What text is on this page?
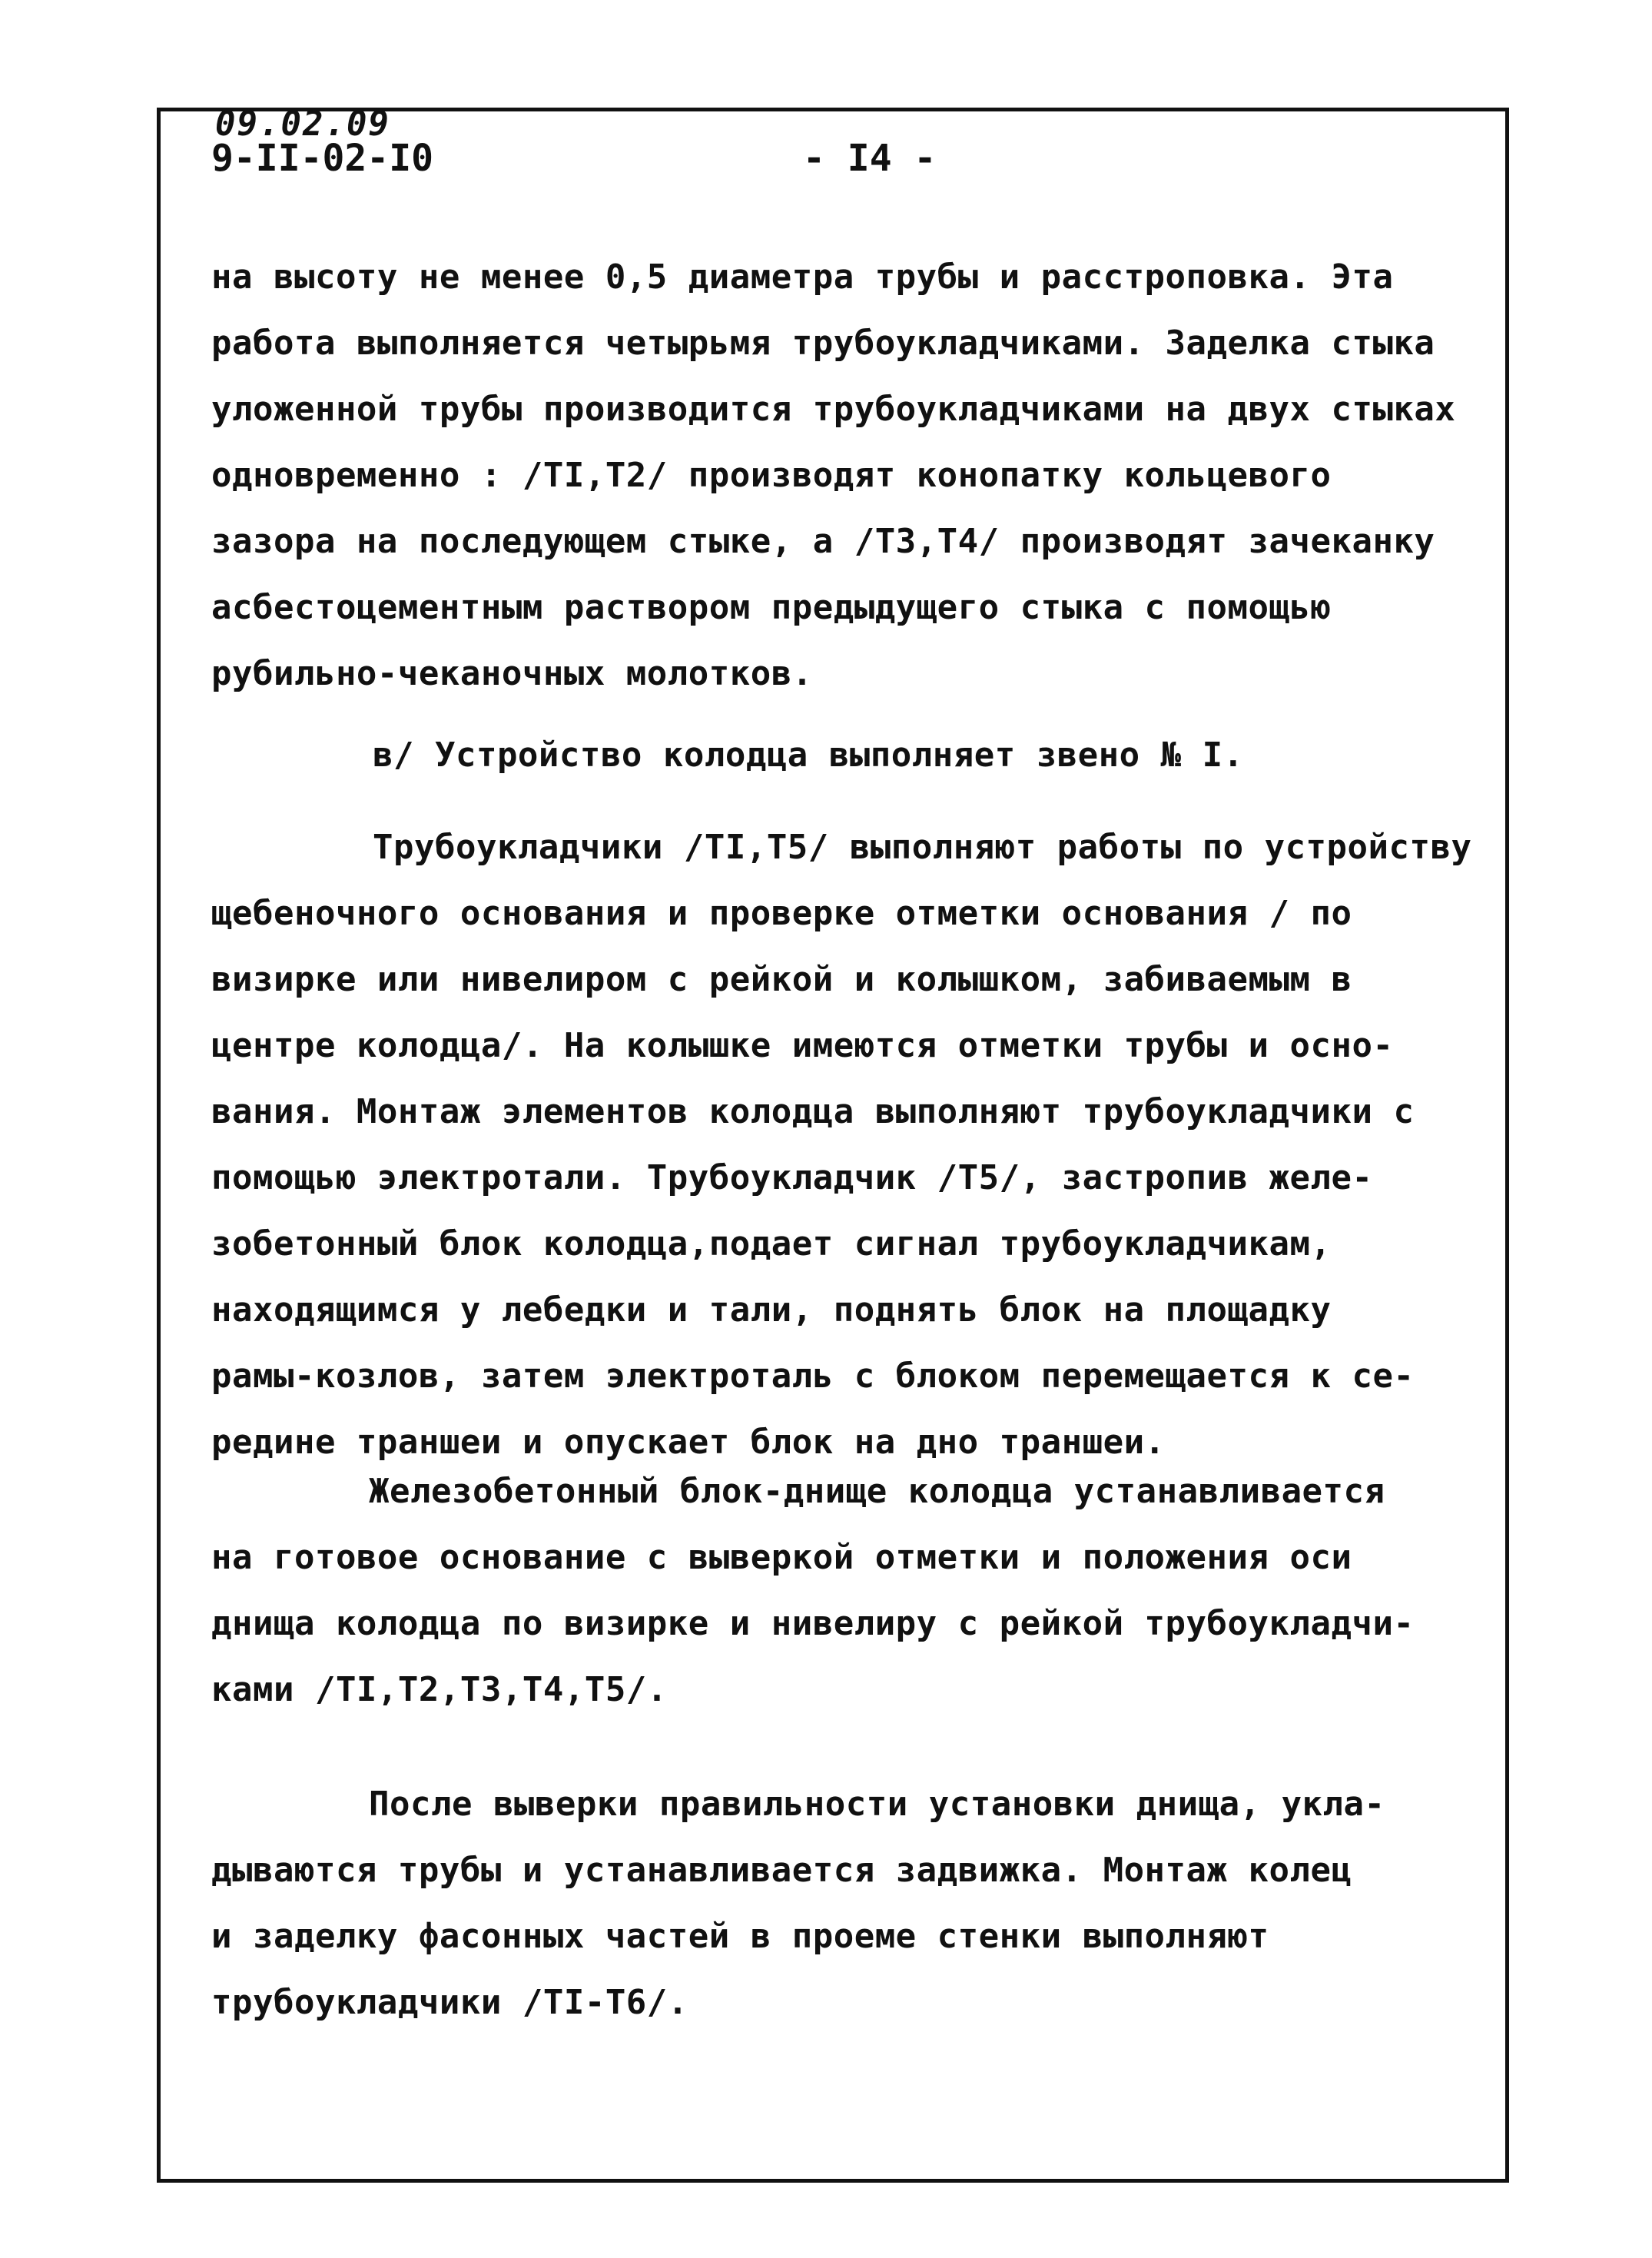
09.02.09
9-II-02-I0	- I4 -
на высоту не менее 0,5 диаметра трубы и расстроповка. Эта
работа выполняется четырьмя трубоукладчиками. Заделка стыка
уложенной трубы производится трубоукладчиками на двух стыках
одновременно : /TI,T2/ производят конопатку кольцевого
зазора на последующем стыке, а /T3,T4/ производят зачеканку
асбестоцементным раствором предыдущего стыка с помощью
рубильно-чеканочных молотков.
в/ Устройство колодца выполняет звено № I.
Трубоукладчики /TI,T5/ выполняют работы по устройству
щебеночного основания и проверке отметки основания / по
визирке или нивелиром с рейкой и колышком, забиваемым в
центре колодца/. На колышке имеются отметки трубы и осно-
вания. Монтаж элементов колодца выполняют трубоукладчики с
помощью электротали. Трубоукладчик /T5/, застропив желе-
зобетонный блок колодца,подает сигнал трубоукладчикам,
находящимся у лебедки и тали, поднять блок на площадку
рамы-козлов, затем электроталь с блоком перемещается к се-
редине траншеи и опускает блок на дно траншеи.
Железобетонный блок-днище колодца устанавливается
на готовое основание с выверкой отметки и положения оси
днища колодца по визирке и нивелиру с рейкой трубоукладчи-
ками /TI,T2,T3,T4,T5/.
После выверки правильности установки днища, укла-
дываются трубы и устанавливается задвижка. Монтаж колец
и заделку фасонных частей в проеме стенки выполняют
трубоукладчики /TI-T6/.
